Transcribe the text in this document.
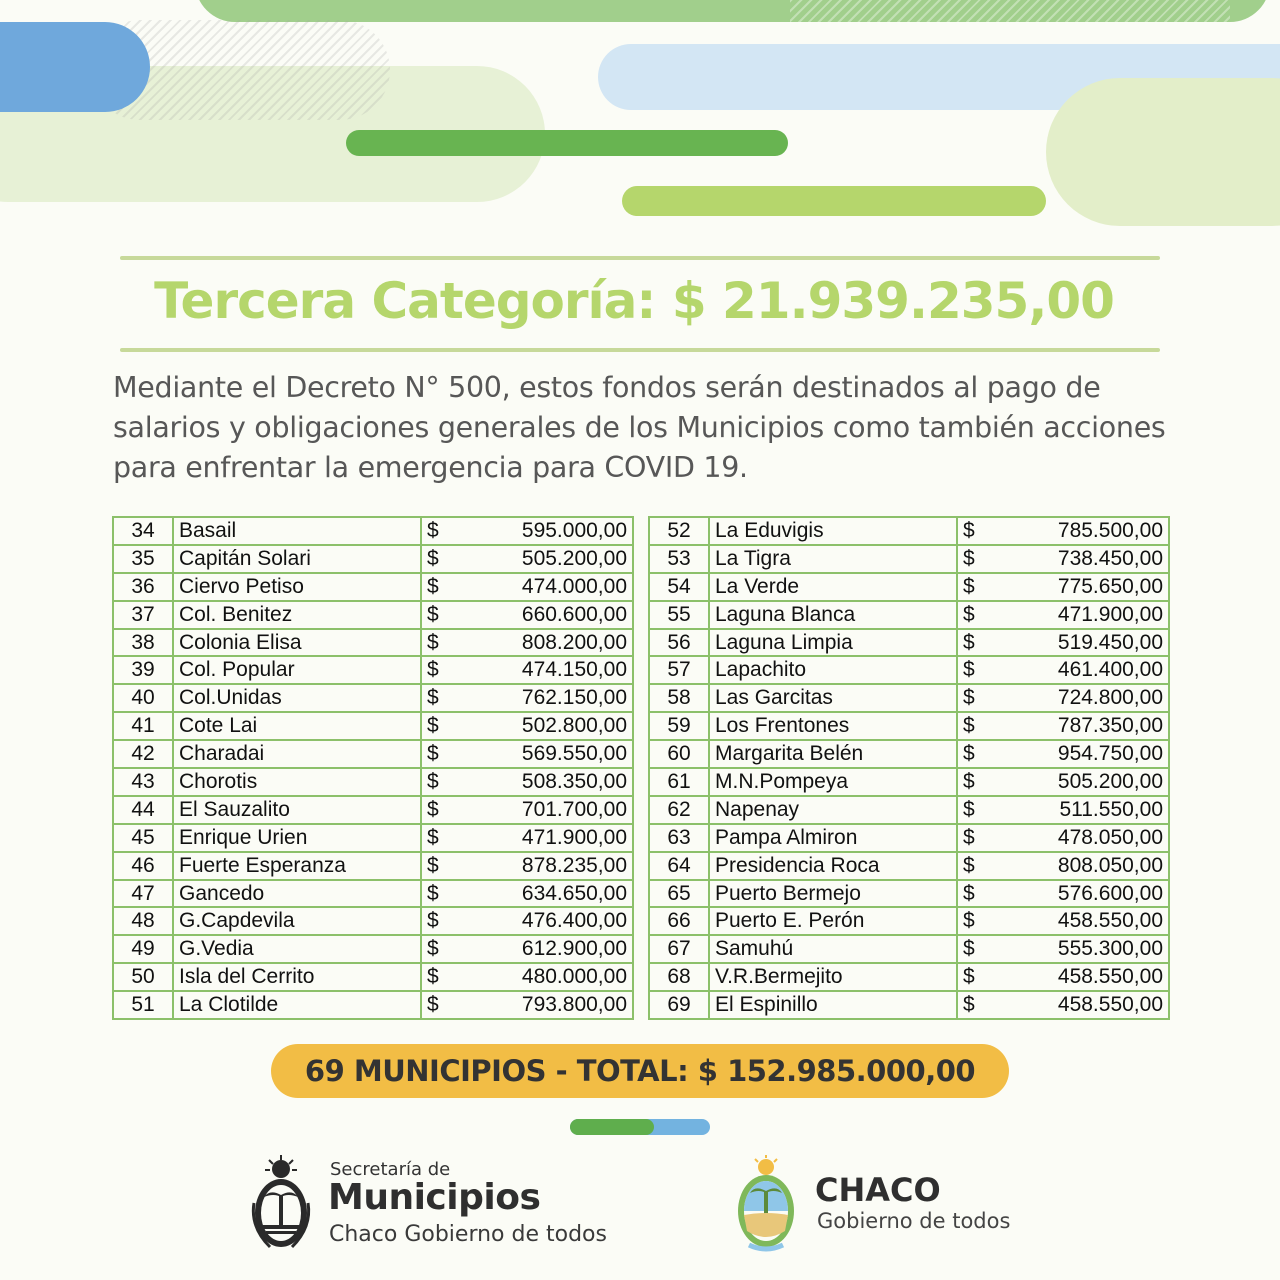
Tercera Categoría: $ 21.939.235,00

Mediante el Decreto N° 500, estos fondos serán destinados al pago de salarios y obligaciones generales de los Municipios como también acciones para enfrentar la emergencia para COVID 19.

34	Basail	$	595.000,00
35	Capitán Solari	$	505.200,00
36	Ciervo Petiso	$	474.000,00
37	Col. Benitez	$	660.600,00
38	Colonia Elisa	$	808.200,00
39	Col. Popular	$	474.150,00
40	Col.Unidas	$	762.150,00
41	Cote Lai	$	502.800,00
42	Charadai	$	569.550,00
43	Chorotis	$	508.350,00
44	El Sauzalito	$	701.700,00
45	Enrique Urien	$	471.900,00
46	Fuerte Esperanza	$	878.235,00
47	Gancedo	$	634.650,00
48	G.Capdevila	$	476.400,00
49	G.Vedia	$	612.900,00
50	Isla del Cerrito	$	480.000,00
51	La Clotilde	$	793.800,00
52	La Eduvigis	$	785.500,00
53	La Tigra	$	738.450,00
54	La Verde	$	775.650,00
55	Laguna Blanca	$	471.900,00
56	Laguna Limpia	$	519.450,00
57	Lapachito	$	461.400,00
58	Las Garcitas	$	724.800,00
59	Los Frentones	$	787.350,00
60	Margarita Belén	$	954.750,00
61	M.N.Pompeya	$	505.200,00
62	Napenay	$	511.550,00
63	Pampa Almiron	$	478.050,00
64	Presidencia Roca	$	808.050,00
65	Puerto Bermejo	$	576.600,00
66	Puerto E. Perón	$	458.550,00
67	Samuhú	$	555.300,00
68	V.R.Bermejito	$	458.550,00
69	El Espinillo	$	458.550,00
69 MUNICIPIOS - TOTAL: $ 152.985.000,00
Secretaría de
Municipios
Chaco Gobierno de todos
CHACO
Gobierno de todos
